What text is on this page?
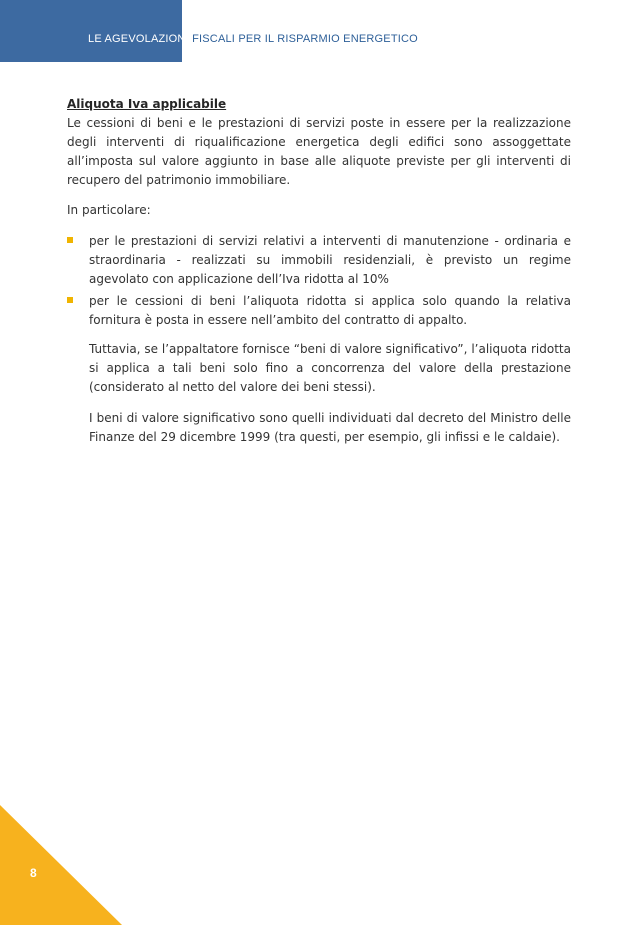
LE AGEVOLAZIONI FISCALI PER IL RISPARMIO ENERGETICO

Aliquota Iva applicabile

Le cessioni di beni e le prestazioni di servizi poste in essere per la realizzazione degli interventi di riqualificazione energetica degli edifici sono assoggettate all’imposta sul valore aggiunto in base alle aliquote previste per gli interventi di recupero del patrimonio immobiliare.

In particolare:

per le prestazioni di servizi relativi a interventi di manutenzione - ordinaria e straordinaria - realizzati su immobili residenziali, è previsto un regime agevolato con applicazione dell’Iva ridotta al 10%
per le cessioni di beni l’aliquota ridotta si applica solo quando la relativa fornitura è posta in essere nell’ambito del contratto di appalto.

Tuttavia, se l’appaltatore fornisce “beni di valore significativo”, l’aliquota ridotta si applica a tali beni solo fino a concorrenza del valore della prestazione (considerato al netto del valore dei beni stessi).

I beni di valore significativo sono quelli individuati dal decreto del Ministro delle Finanze del 29 dicembre 1999 (tra questi, per esempio, gli infissi e le caldaie).

8
